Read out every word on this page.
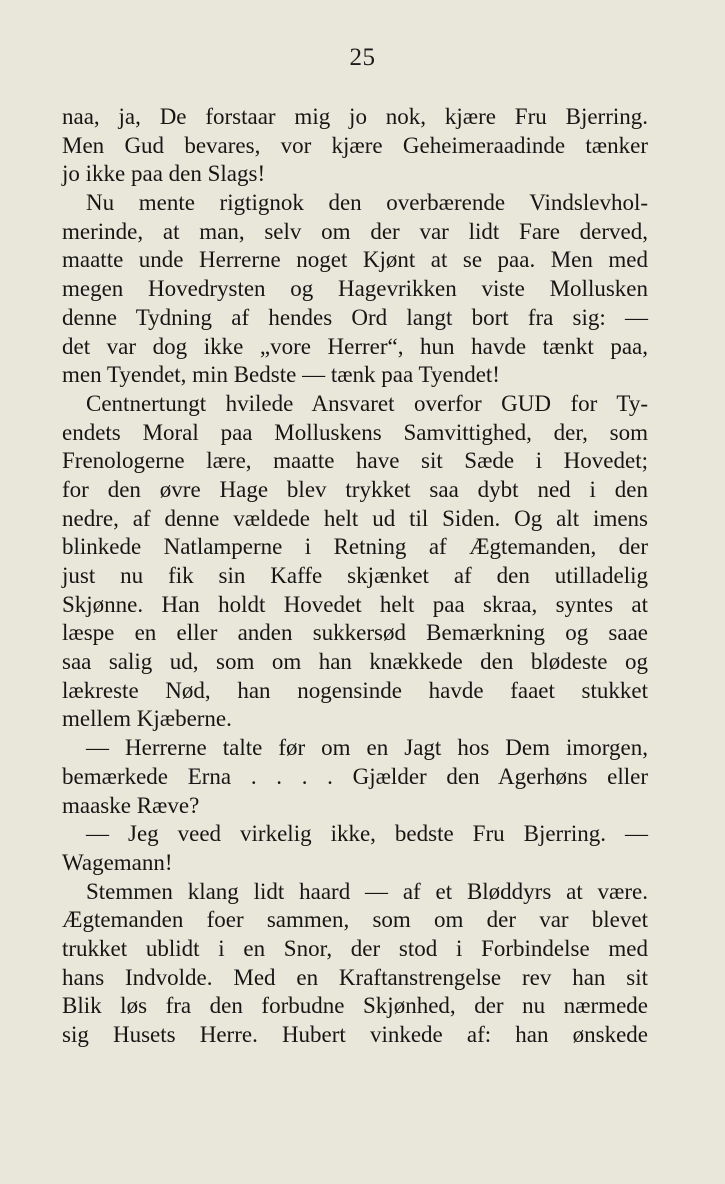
25
naa, ja, De forstaar mig jo nok, kjære Fru Bjerring.
Men Gud bevares, vor kjære Geheimeraadinde tænker
jo ikke paa den Slags!
Nu mente rigtignok den overbærende Vindslevhol-
merinde, at man, selv om der var lidt Fare derved,
maatte unde Herrerne noget Kjønt at se paa. Men med
megen Hovedrysten og Hagevrikken viste Mollusken
denne Tydning af hendes Ord langt bort fra sig: —
det var dog ikke „vore Herrer“, hun havde tænkt paa,
men Tyendet, min Bedste — tænk paa Tyendet!
Centnertungt hvilede Ansvaret overfor GUD for Ty-
endets Moral paa Molluskens Samvittighed, der, som
Frenologerne lære, maatte have sit Sæde i Hovedet;
for den øvre Hage blev trykket saa dybt ned i den
nedre, af denne vældede helt ud til Siden. Og alt imens
blinkede Natlamperne i Retning af Ægtemanden, der
just nu fik sin Kaffe skjænket af den utilladelig
Skjønne. Han holdt Hovedet helt paa skraa, syntes at
læspe en eller anden sukkersød Bemærkning og saae
saa salig ud, som om han knækkede den blødeste og
lækreste Nød, han nogensinde havde faaet stukket
mellem Kjæberne.
— Herrerne talte før om en Jagt hos Dem imorgen,
bemærkede Erna . . . . Gjælder den Agerhøns eller
maaske Ræve?
— Jeg veed virkelig ikke, bedste Fru Bjerring. —
Wagemann!
Stemmen klang lidt haard — af et Bløddyrs at være.
Ægtemanden foer sammen, som om der var blevet
trukket ublidt i en Snor, der stod i Forbindelse med
hans Indvolde. Med en Kraftanstrengelse rev han sit
Blik løs fra den forbudne Skjønhed, der nu nærmede
sig Husets Herre. Hubert vinkede af: han ønskede
